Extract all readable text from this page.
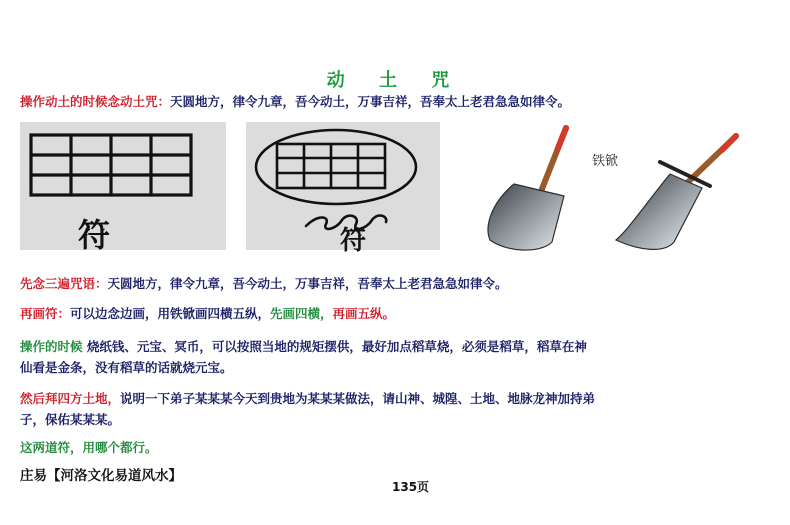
动 土 咒
操作动土的时候念动土咒：天圆地方，律令九章，吾今动土，万事吉祥，吾奉太上老君急急如律令。
符	符
铁锨
先念三遍咒语：天圆地方，律令九章，吾今动土，万事吉祥，吾奉太上老君急急如律令。
再画符：可以边念边画，用铁锨画四横五纵，先画四横，再画五纵。
操作的时候 烧纸钱、元宝、冥币，可以按照当地的规矩摆供，最好加点稻草烧，必须是稻草，稻草在神
仙看是金条，没有稻草的话就烧元宝。
然后拜四方土地，说明一下弟子某某某今天到贵地为某某某做法，请山神、城隍、土地、地脉龙神加持弟
子，保佑某某某。
这两道符，用哪个都行。
庄易【河洛文化易道风水】
135页
